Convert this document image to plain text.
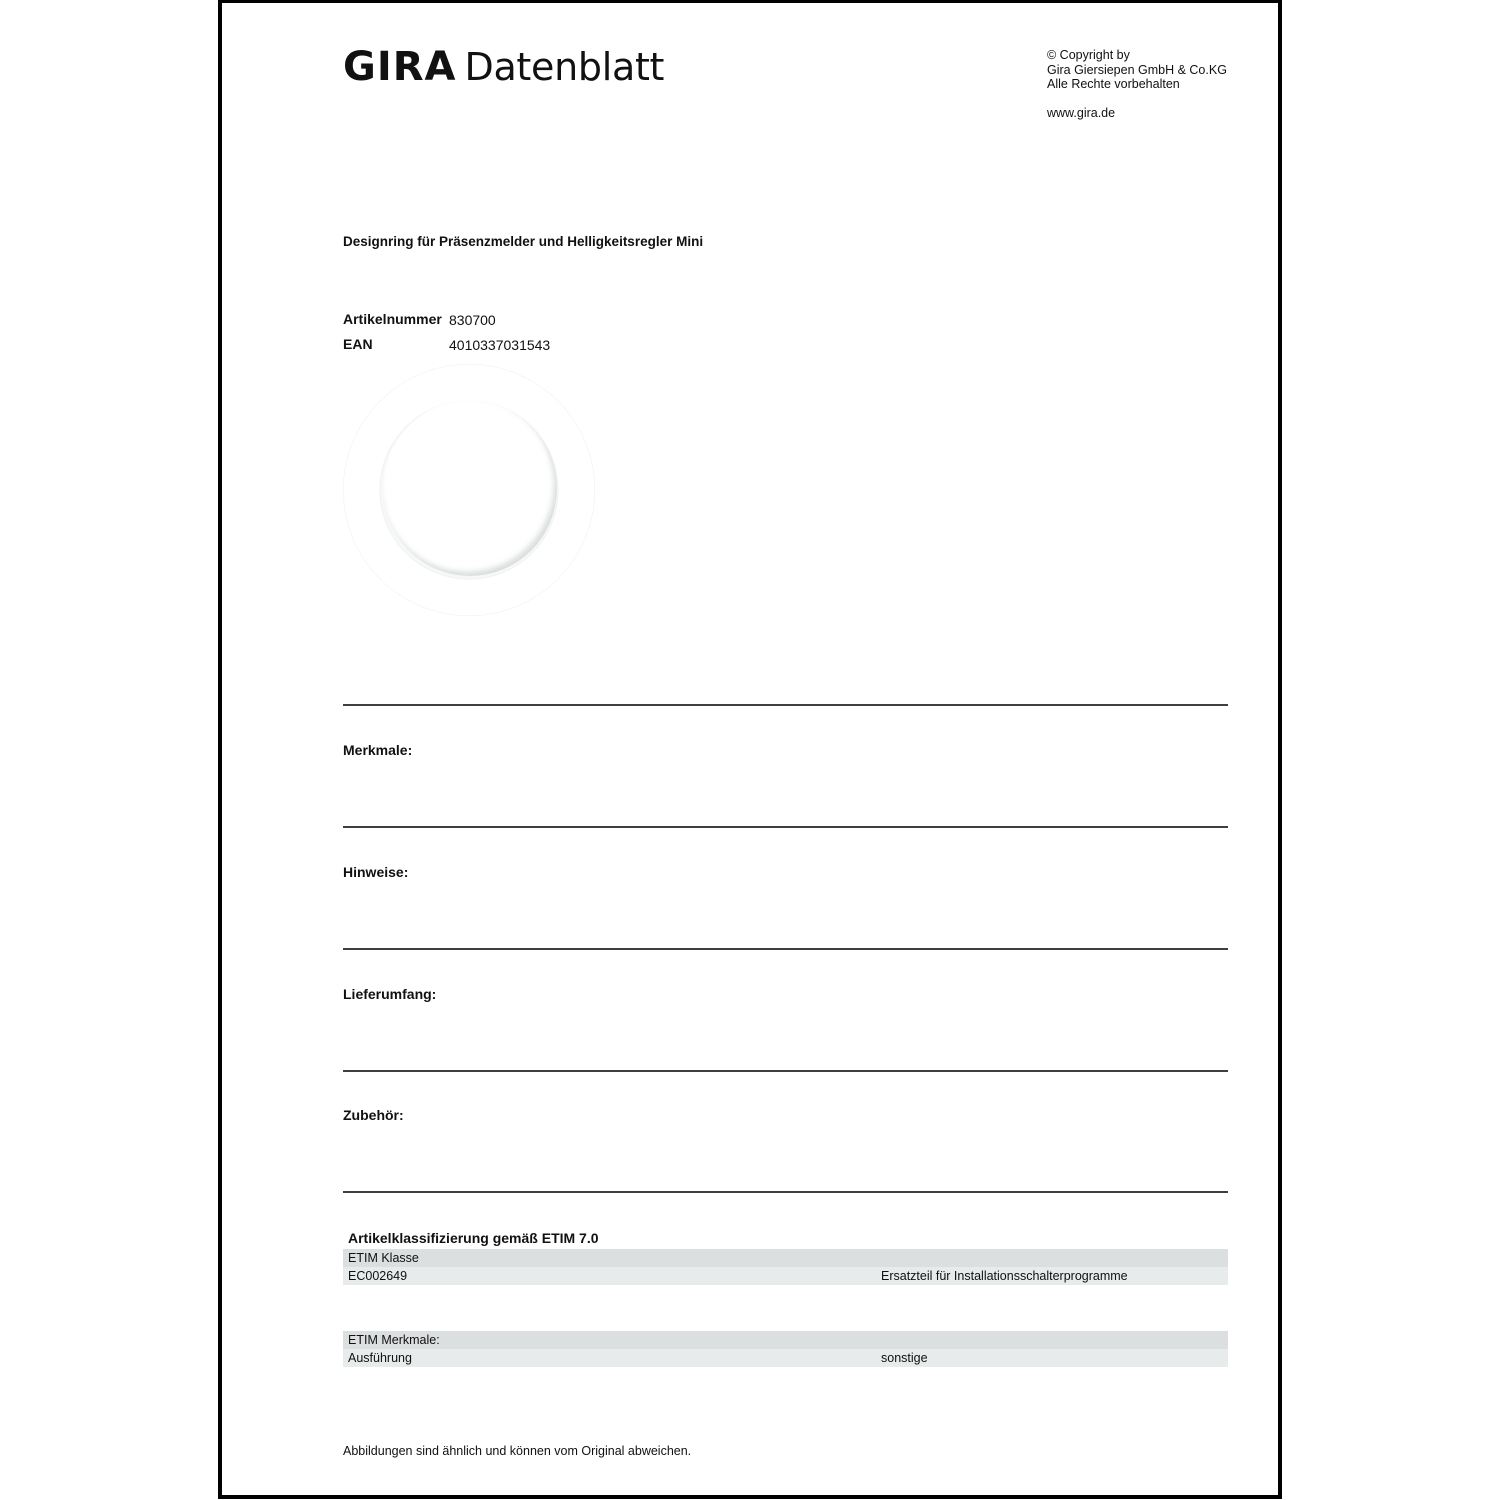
GIRA Datenblatt	© Copyright by
Gira Giersiepen GmbH & Co.KG
Alle Rechte vorbehalten
www.gira.de
Designring für Präsenzmelder und Helligkeitsregler Mini
Artikelnummer 830700
EAN	4010337031543
Merkmale:
Hinweise:
Lieferumfang:
Zubehör:
Artikelklassifizierung gemäß ETIM 7.0
ETIM Klasse
EC002649	Ersatzteil für Installationsschalterprogramme
ETIM Merkmale:
Ausführung	sonstige
Abbildungen sind ähnlich und können vom Original abweichen.
